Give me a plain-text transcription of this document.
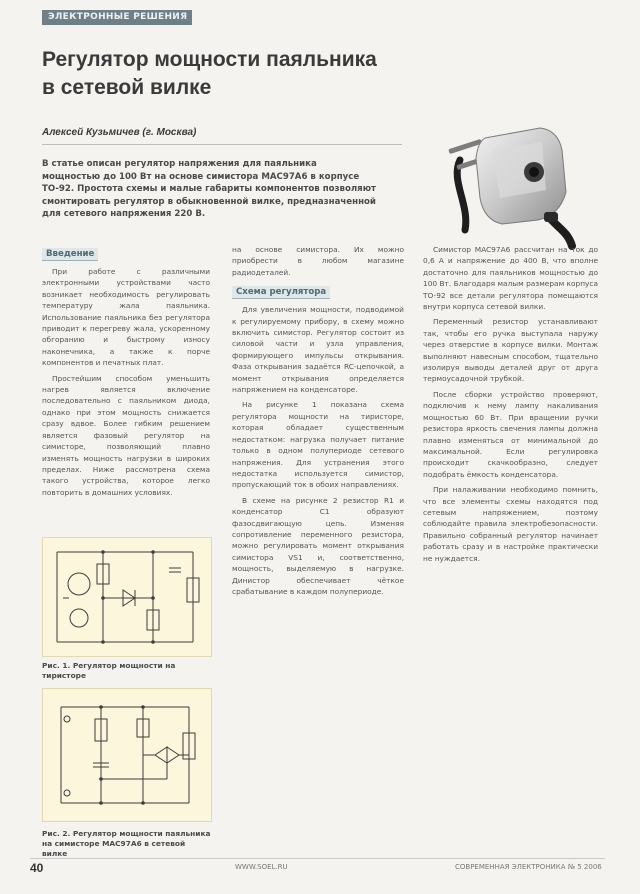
ЭЛЕКТРОННЫЕ РЕШЕНИЯ
Регулятор мощности паяльника
в сетевой вилке
Алексей Кузьмичев (г. Москва)
В статье описан регулятор напряжения для паяльника мощностью до 100 Вт на основе симистора MAC97A6 в корпусе TO-92. Простота схемы и малые габариты компонентов позволяют смонтировать регулятор в обыкновенной вилке, предназначенной для сетевого напряжения 220 В.
Введение

При работе с различными электронными устройствами часто возникает необходимость регулировать температуру жала паяльника. Использование паяльника без регулятора приводит к перегреву жала, ускоренному обгоранию и быстрому износу наконечника, а также к порче компонентов и печатных плат.

Простейшим способом уменьшить нагрев является включение последовательно с паяльником диода, однако при этом мощность снижается сразу вдвое. Более гибким решением является фазовый регулятор на симисторе, позволяющий плавно изменять мощность нагрузки в широких пределах. Ниже рассмотрена схема такого устройства, которое легко повторить в домашних условиях.

Рис. 1. Регулятор мощности на тиристоре
Рис. 2. Регулятор мощности паяльника на симисторе MAC97A6 в сетевой вилке

на основе симистора. Их можно приобрести в любом магазине радиодеталей.

Схема регулятора

Для увеличения мощности, подводимой к регулируемому прибору, в схему можно включить симистор. Регулятор состоит из силовой части и узла управления, формирующего импульсы открывания. Фаза открывания задаётся RC-цепочкой, а момент открывания определяется напряжением на конденсаторе.

На рисунке 1 показана схема регулятора мощности на тиристоре, которая обладает существенным недостатком: нагрузка получает питание только в одном полупериоде сетевого напряжения. Для устранения этого недостатка используется симистор, пропускающий ток в обоих направлениях.

В схеме на рисунке 2 резистор R1 и конденсатор C1 образуют фазосдвигающую цепь. Изменяя сопротивление переменного резистора, можно регулировать момент открывания симистора VS1 и, соответственно, мощность, выделяемую в нагрузке. Динистор обеспечивает чёткое срабатывание в каждом полупериоде.

Симистор MAC97A6 рассчитан на ток до 0,6 А и напряжение до 400 В, что вполне достаточно для паяльников мощностью до 100 Вт. Благодаря малым размерам корпуса TO-92 все детали регулятора помещаются внутри корпуса сетевой вилки.

Переменный резистор устанавливают так, чтобы его ручка выступала наружу через отверстие в корпусе вилки. Монтаж выполняют навесным способом, тщательно изолируя выводы деталей друг от друга термоусадочной трубкой.

После сборки устройство проверяют, подключив к нему лампу накаливания мощностью 60 Вт. При вращении ручки резистора яркость свечения лампы должна плавно изменяться от минимальной до максимальной. Если регулировка происходит скачкообразно, следует подобрать ёмкость конденсатора.

При налаживании необходимо помнить, что все элементы схемы находятся под сетевым напряжением, поэтому соблюдайте правила электробезопасности. Правильно собранный регулятор начинает работать сразу и в настройке практически не нуждается.

40	WWW.SOEL.RU	СОВРЕМЕННАЯ ЭЛЕКТРОНИКА № 5 2006
